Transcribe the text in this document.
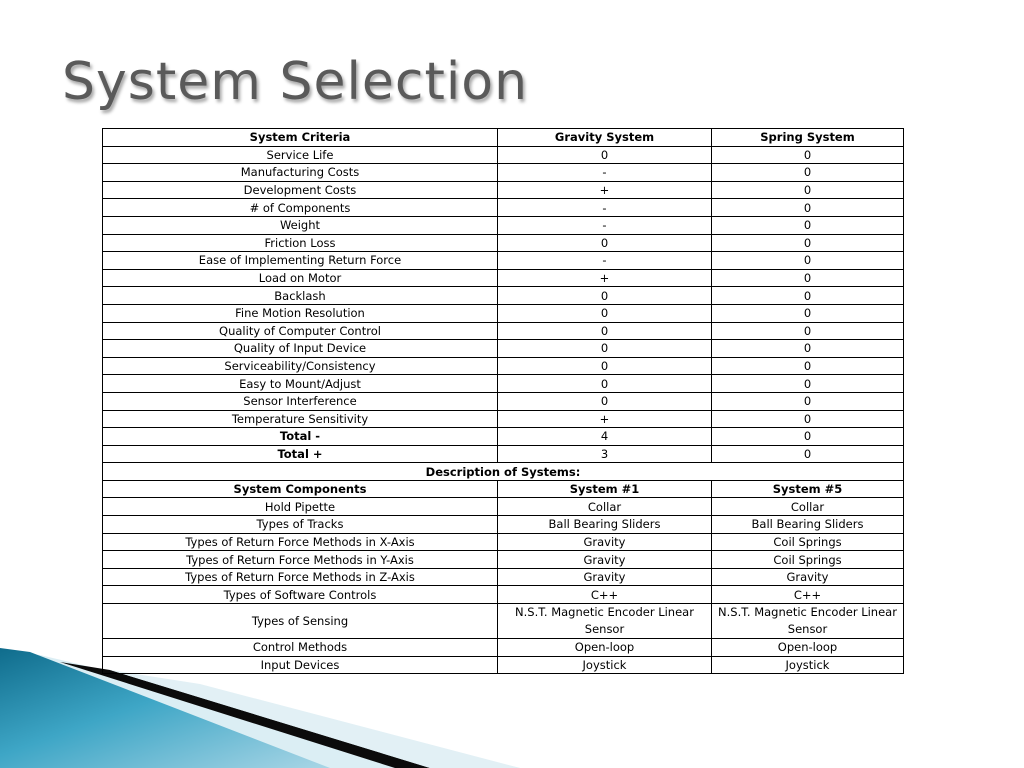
System Selection
System Criteria	Gravity System	Spring System
Service Life	0	0
Manufacturing Costs	-	0
Development Costs	+	0
# of Components	-	0
Weight	-	0
Friction Loss	0	0
Ease of Implementing Return Force	-	0
Load on Motor	+	0
Backlash	0	0
Fine Motion Resolution	0	0
Quality of Computer Control	0	0
Quality of Input Device	0	0
Serviceability/Consistency	0	0
Easy to Mount/Adjust	0	0
Sensor Interference	0	0
Temperature Sensitivity	+	0
Total -	4	0
Total +	3	0
Description of Systems:		
System Components	System #1	System #5
Hold Pipette	Collar	Collar
Types of Tracks	Ball Bearing Sliders	Ball Bearing Sliders
Types of Return Force Methods in X-Axis	Gravity	Coil Springs
Types of Return Force Methods in Y-Axis	Gravity	Coil Springs
Types of Return Force Methods in Z-Axis	Gravity	Gravity
Types of Software Controls	C++	C++
Types of Sensing	N.S.T. Magnetic Encoder Linear Sensor	N.S.T. Magnetic Encoder Linear Sensor
Control Methods	Open-loop	Open-loop
Input Devices	Joystick	Joystick
